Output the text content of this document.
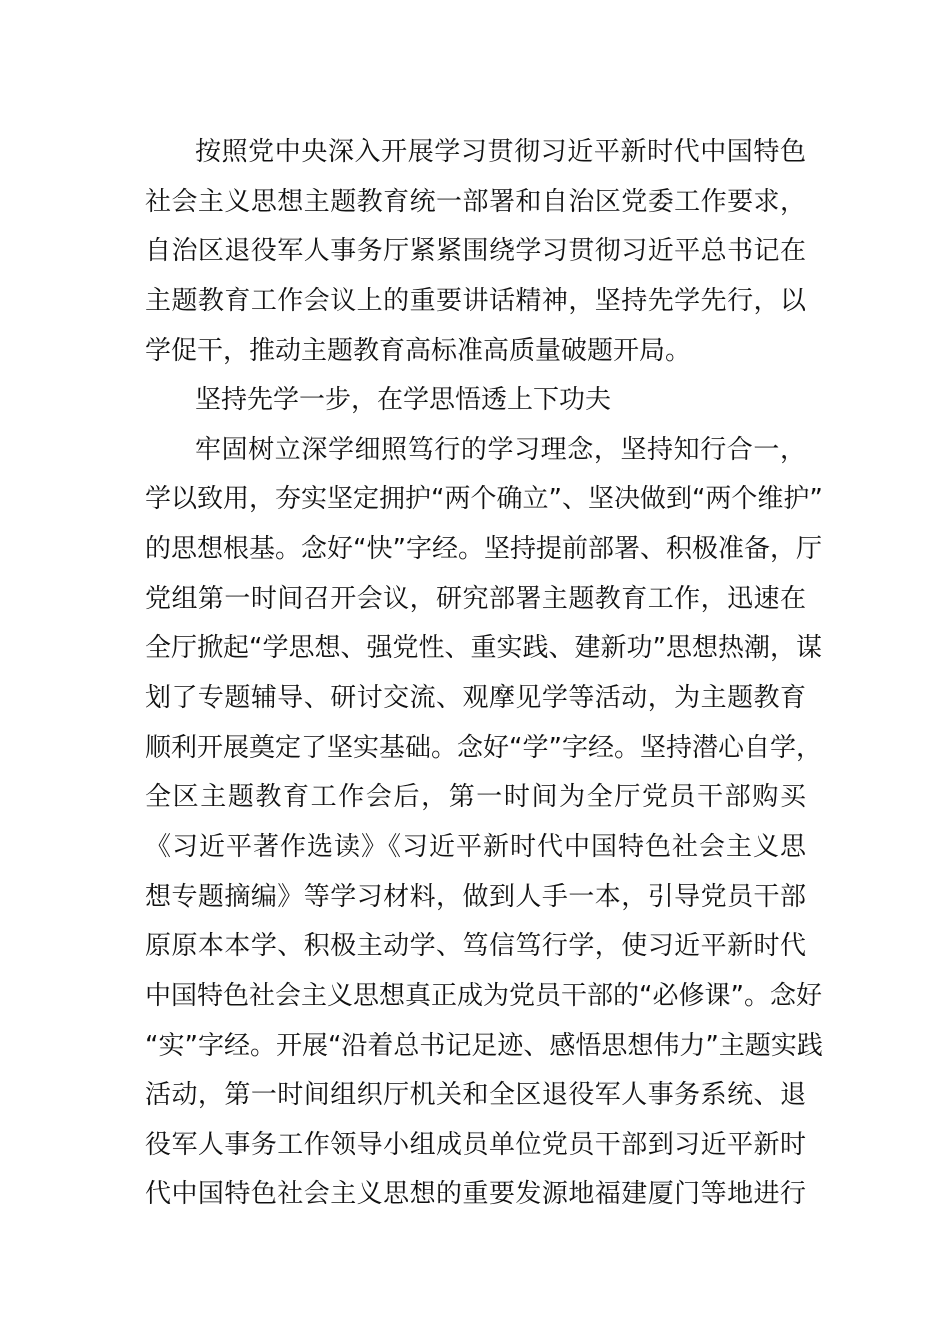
按照党中央深入开展学习贯彻习近平新时代中国特色
社会主义思想主题教育统一部署和自治区党委工作要求，
自治区退役军人事务厅紧紧围绕学习贯彻习近平总书记在
主题教育工作会议上的重要讲话精神，坚持先学先行，以
学促干，推动主题教育高标准高质量破题开局。
坚持先学一步，在学思悟透上下功夫
牢固树立深学细照笃行的学习理念，坚持知行合一，
学以致用，夯实坚定拥护“两个确立”、坚决做到“两个维护”
的思想根基。念好“快”字经。坚持提前部署、积极准备，厅
党组第一时间召开会议，研究部署主题教育工作，迅速在
全厅掀起“学思想、强党性、重实践、建新功”思想热潮，谋
划了专题辅导、研讨交流、观摩见学等活动，为主题教育
顺利开展奠定了坚实基础。念好“学”字经。坚持潜心自学，
全区主题教育工作会后，第一时间为全厅党员干部购买
《习近平著作选读》《习近平新时代中国特色社会主义思
想专题摘编》等学习材料，做到人手一本，引导党员干部
原原本本学、积极主动学、笃信笃行学，使习近平新时代
中国特色社会主义思想真正成为党员干部的“必修课”。念好
“实”字经。开展“沿着总书记足迹、感悟思想伟力”主题实践
活动，第一时间组织厅机关和全区退役军人事务系统、退
役军人事务工作领导小组成员单位党员干部到习近平新时
代中国特色社会主义思想的重要发源地福建厦门等地进行
